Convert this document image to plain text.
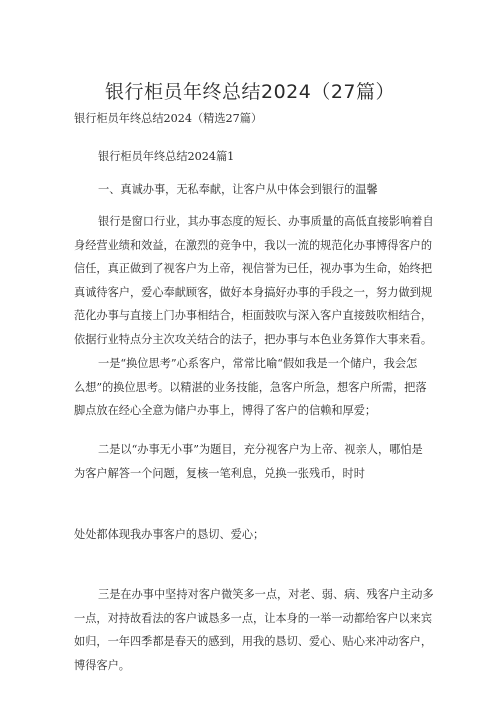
银行柜员年终总结2024（27篇）
银行柜员年终总结2024（精选27篇）
银行柜员年终总结2024篇1
一、真诚办事，无私奉献，让客户从中体会到银行的温馨
银行是窗口行业，其办事态度的短长、办事质量的高低直接影响着自
身经营业绩和效益，在激烈的竞争中，我以一流的规范化办事博得客户的
信任，真正做到了视客户为上帝，视信誉为已任，视办事为生命，始终把
真诚待客户，爱心奉献顾客，做好本身搞好办事的手段之一，努力做到规
范化办事与直接上门办事相结合，柜面鼓吹与深入客户直接鼓吹相结合，
依据行业特点分主次攻关结合的法子，把办事与本色业务算作大事来看。
一是“换位思考”心系客户，常常比喻“假如我是一个储户，我会怎
么想”的换位思考。以精湛的业务技能，急客户所急，想客户所需，把落
脚点放在经心全意为储户办事上，博得了客户的信赖和厚爱；
二是以“办事无小事”为题目，充分视客户为上帝、视亲人，哪怕是
为客户解答一个问题，复核一笔利息，兑换一张残币，时时
处处都体现我办事客户的恳切、爱心；
三是在办事中坚持对客户微笑多一点，对老、弱、病、残客户主动多
一点，对持故看法的客户诚恳多一点，让本身的一举一动都给客户以来宾
如归，一年四季都是春天的感到，用我的恳切、爱心、贴心来冲动客户，
博得客户。
